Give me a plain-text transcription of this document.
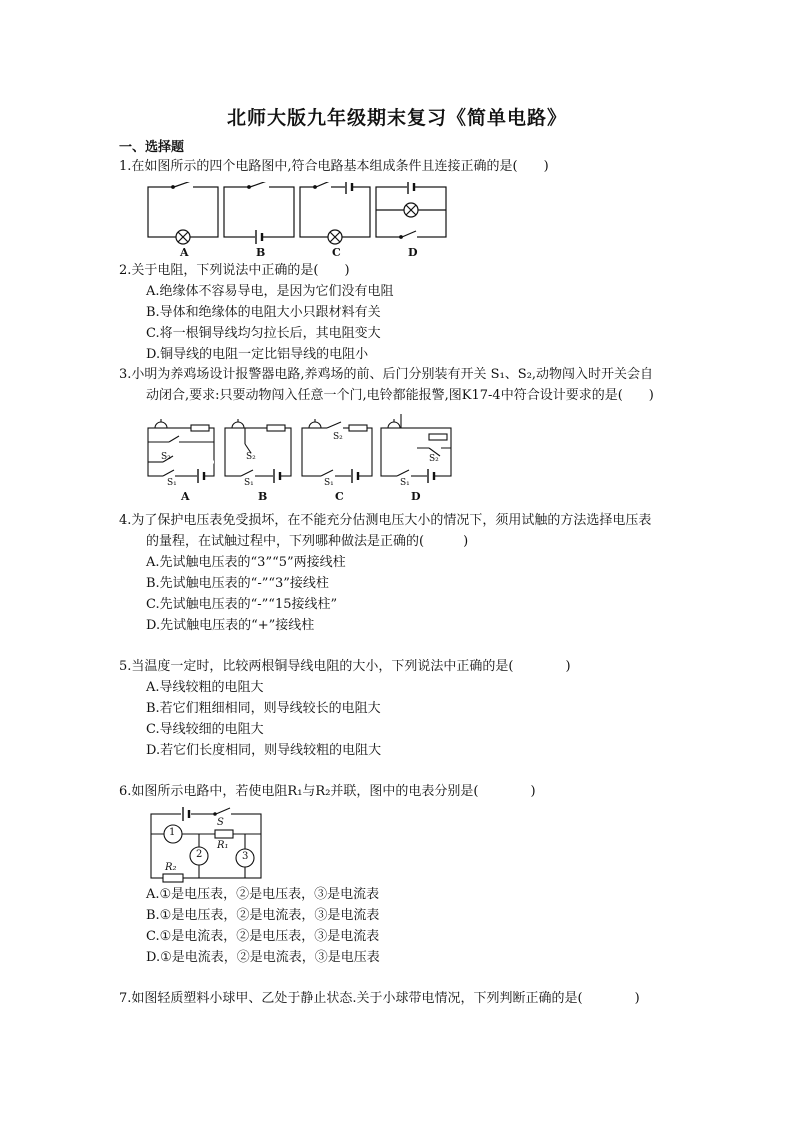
北师大版九年级期末复习《简单电路》
一、选择题
1.在如图所示的四个电路图中,符合电路基本组成条件且连接正确的是(　　)
A	B	C	D
2.关于电阻，下列说法中正确的是(　　)
A.绝缘体不容易导电，是因为它们没有电阻
B.导体和绝缘体的电阻大小只跟材料有关
C.将一根铜导线均匀拉长后，其电阻变大
D.铜导线的电阻一定比铝导线的电阻小
3.小明为养鸡场设计报警器电路,养鸡场的前、后门分别装有开关 S₁、S₂,动物闯入时开关会自
动闭合,要求:只要动物闯入任意一个门,电铃都能报警,图K17-4中符合设计要求的是(　　)
S₂
S₁
S₂
S₁
S₂
S₁
S₂
S₁
A	B	C	D
4.为了保护电压表免受损坏，在不能充分估测电压大小的情况下，须用试触的方法选择电压表
的量程，在试触过程中，下列哪种做法是正确的(　　　)
A.先试触电压表的“3”“5”两接线柱
B.先试触电压表的“-”“3”接线柱
C.先试触电压表的“-”“15接线柱”
D.先试触电压表的“+”接线柱
5.当温度一定时，比较两根铜导线电阻的大小，下列说法中正确的是(　　　　)
A.导线较粗的电阻大
B.若它们粗细相同，则导线较长的电阻大
C.导线较细的电阻大
D.若它们长度相同，则导线较粗的电阻大
6.如图所示电路中，若使电阻R₁与R₂并联，图中的电表分别是(　　　　)
1
2	3
S
R₁
R₂
A.①是电压表，②是电压表，③是电流表
B.①是电压表，②是电流表，③是电流表
C.①是电流表，②是电压表，③是电流表
D.①是电流表，②是电流表，③是电压表
7.如图轻质塑料小球甲、乙处于静止状态.关于小球带电情况，下列判断正确的是(　　　　)
